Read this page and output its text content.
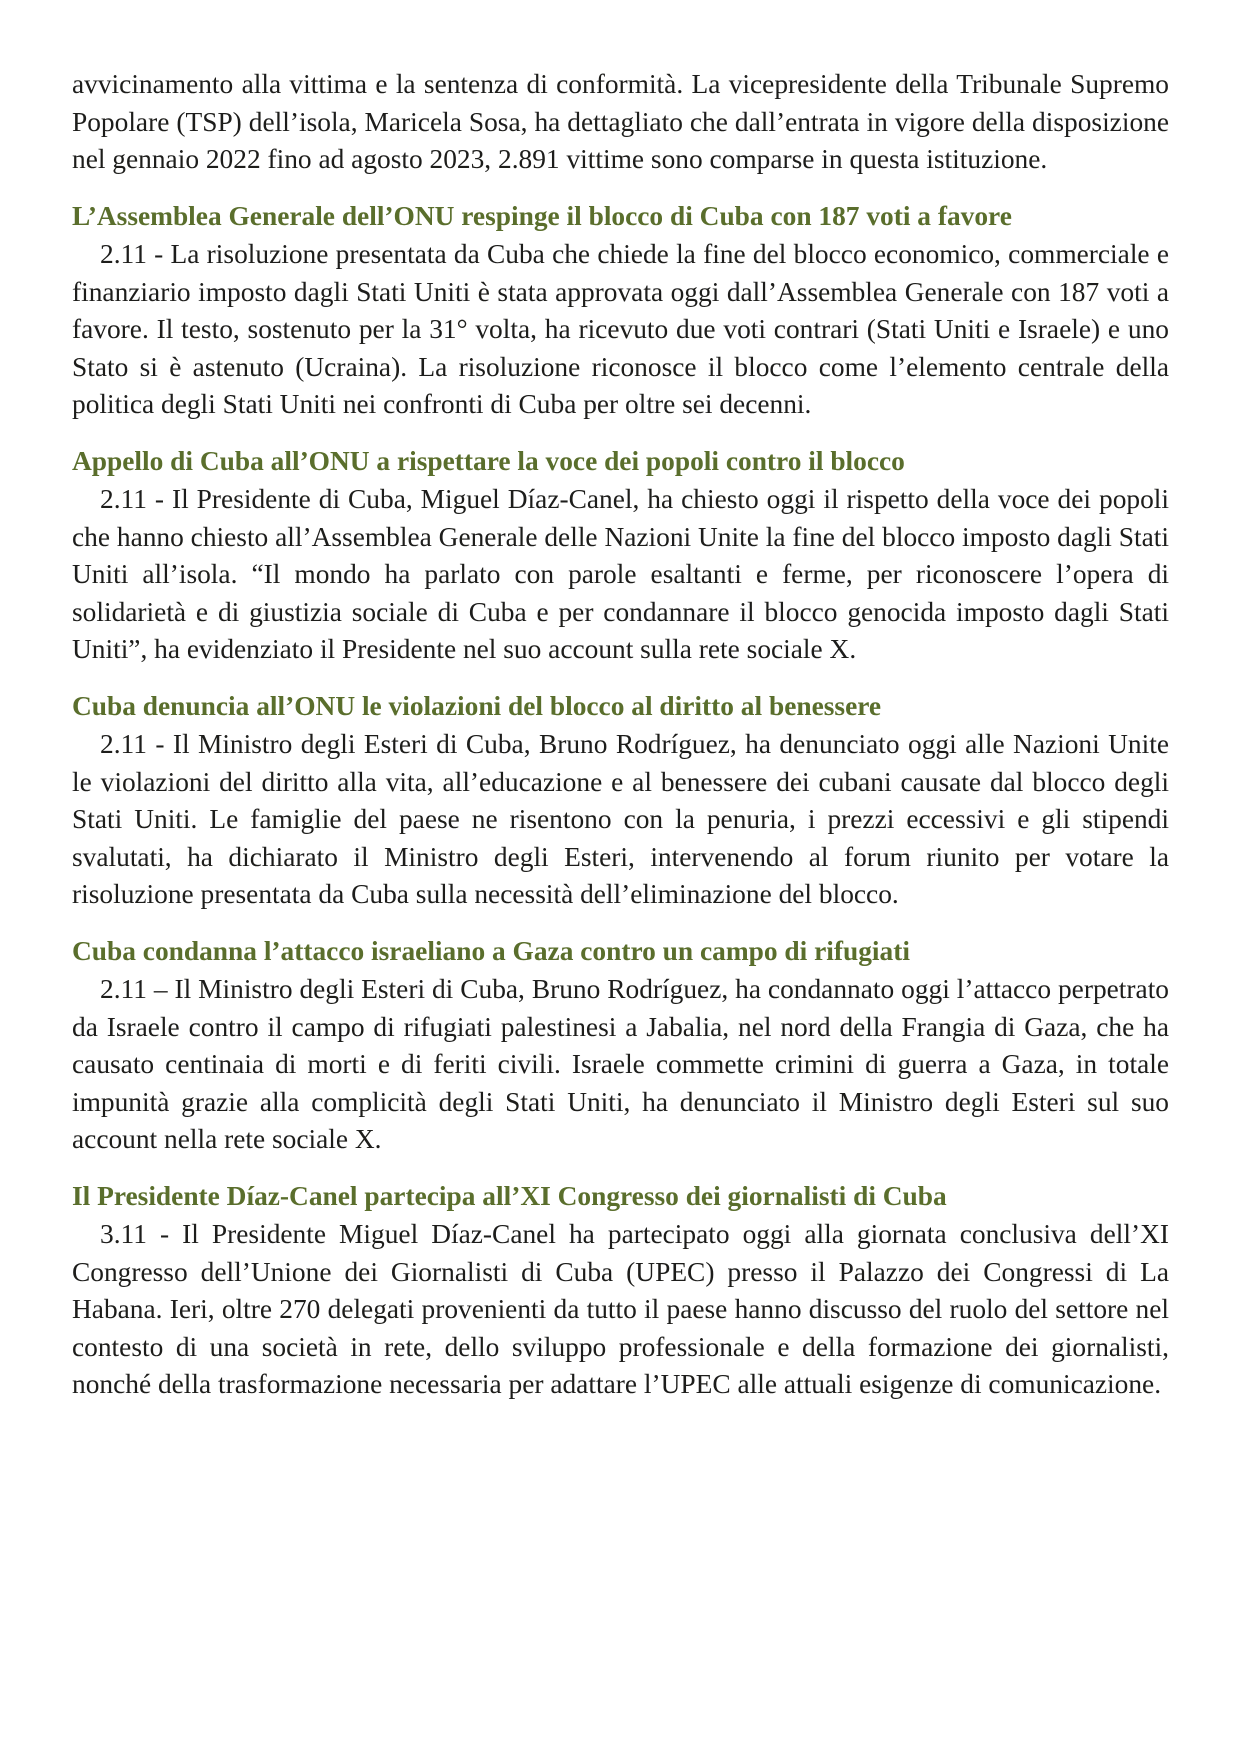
avvicinamento alla vittima e la sentenza di conformità. La vicepresidente della Tribunale Supremo Popolare (TSP) dell’isola, Maricela Sosa, ha dettagliato che dall’entrata in vigore della disposizione nel gennaio 2022 fino ad agosto 2023, 2.891 vittime sono comparse in questa istituzione.

L’Assemblea Generale dell’ONU respinge il blocco di Cuba con 187 voti a favore

2.11 - La risoluzione presentata da Cuba che chiede la fine del blocco economico, commerciale e finanziario imposto dagli Stati Uniti è stata approvata oggi dall’Assemblea Generale con 187 voti a favore. Il testo, sostenuto per la 31° volta, ha ricevuto due voti contrari (Stati Uniti e Israele) e uno Stato si è astenuto (Ucraina). La risoluzione riconosce il blocco come l’elemento centrale della politica degli Stati Uniti nei confronti di Cuba per oltre sei decenni.

Appello di Cuba all’ONU a rispettare la voce dei popoli contro il blocco

2.11 - Il Presidente di Cuba, Miguel Díaz-Canel, ha chiesto oggi il rispetto della voce dei popoli che hanno chiesto all’Assemblea Generale delle Nazioni Unite la fine del blocco imposto dagli Stati Uniti all’isola. “Il mondo ha parlato con parole esaltanti e ferme, per riconoscere l’opera di solidarietà e di giustizia sociale di Cuba e per condannare il blocco genocida imposto dagli Stati Uniti”, ha evidenziato il Presidente nel suo account sulla rete sociale X.

Cuba denuncia all’ONU le violazioni del blocco al diritto al benessere

2.11 - Il Ministro degli Esteri di Cuba, Bruno Rodríguez, ha denunciato oggi alle Nazioni Unite le violazioni del diritto alla vita, all’educazione e al benessere dei cubani causate dal blocco degli Stati Uniti. Le famiglie del paese ne risentono con la penuria, i prezzi eccessivi e gli stipendi svalutati, ha dichiarato il Ministro degli Esteri, intervenendo al forum riunito per votare la risoluzione presentata da Cuba sulla necessità dell’eliminazione del blocco.

Cuba condanna l’attacco israeliano a Gaza contro un campo di rifugiati

2.11 – Il Ministro degli Esteri di Cuba, Bruno Rodríguez, ha condannato oggi l’attacco perpetrato da Israele contro il campo di rifugiati palestinesi a Jabalia, nel nord della Frangia di Gaza, che ha causato centinaia di morti e di feriti civili. Israele commette crimini di guerra a Gaza, in totale impunità grazie alla complicità degli Stati Uniti, ha denunciato il Ministro degli Esteri sul suo account nella rete sociale X.

Il Presidente Díaz-Canel partecipa all’XI Congresso dei giornalisti di Cuba

3.11 - Il Presidente Miguel Díaz-Canel ha partecipato oggi alla giornata conclusiva dell’XI Congresso dell’Unione dei Giornalisti di Cuba (UPEC) presso il Palazzo dei Congressi di La Habana. Ieri, oltre 270 delegati provenienti da tutto il paese hanno discusso del ruolo del settore nel contesto di una società in rete, dello sviluppo professionale e della formazione dei giornalisti, nonché della trasformazione necessaria per adattare l’UPEC alle attuali esigenze di comunicazione.
